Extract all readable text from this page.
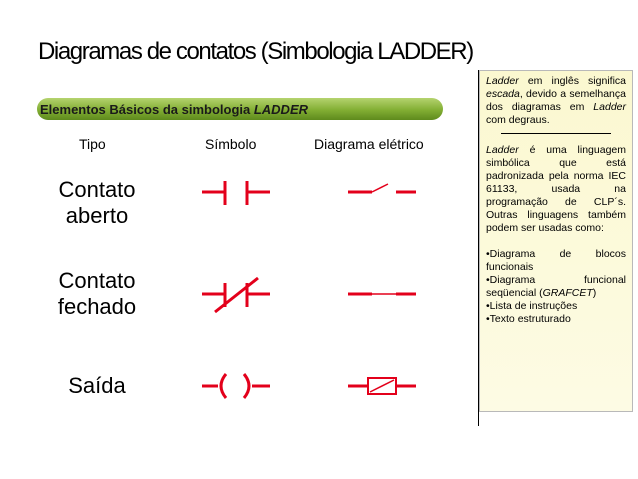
Diagramas de contatos (Simbologia LADDER)
Elementos Básicos da simbologia LADDER
Tipo	Símbolo	Diagrama elétrico
Contato
aberto
Contato
fechado
Saída

Ladder em inglês significa escada, devido a semelhança dos diagramas em Ladder com degraus.

Ladder é uma linguagem simbólica que está padronizada pela norma IEC 61133, usada na programação de CLP´s. Outras linguagens também podem ser usadas como:

•Diagrama de blocos funcionais

•Diagrama funcional seqüencial (GRAFCET)

•Lista de instruções

•Texto estruturado
